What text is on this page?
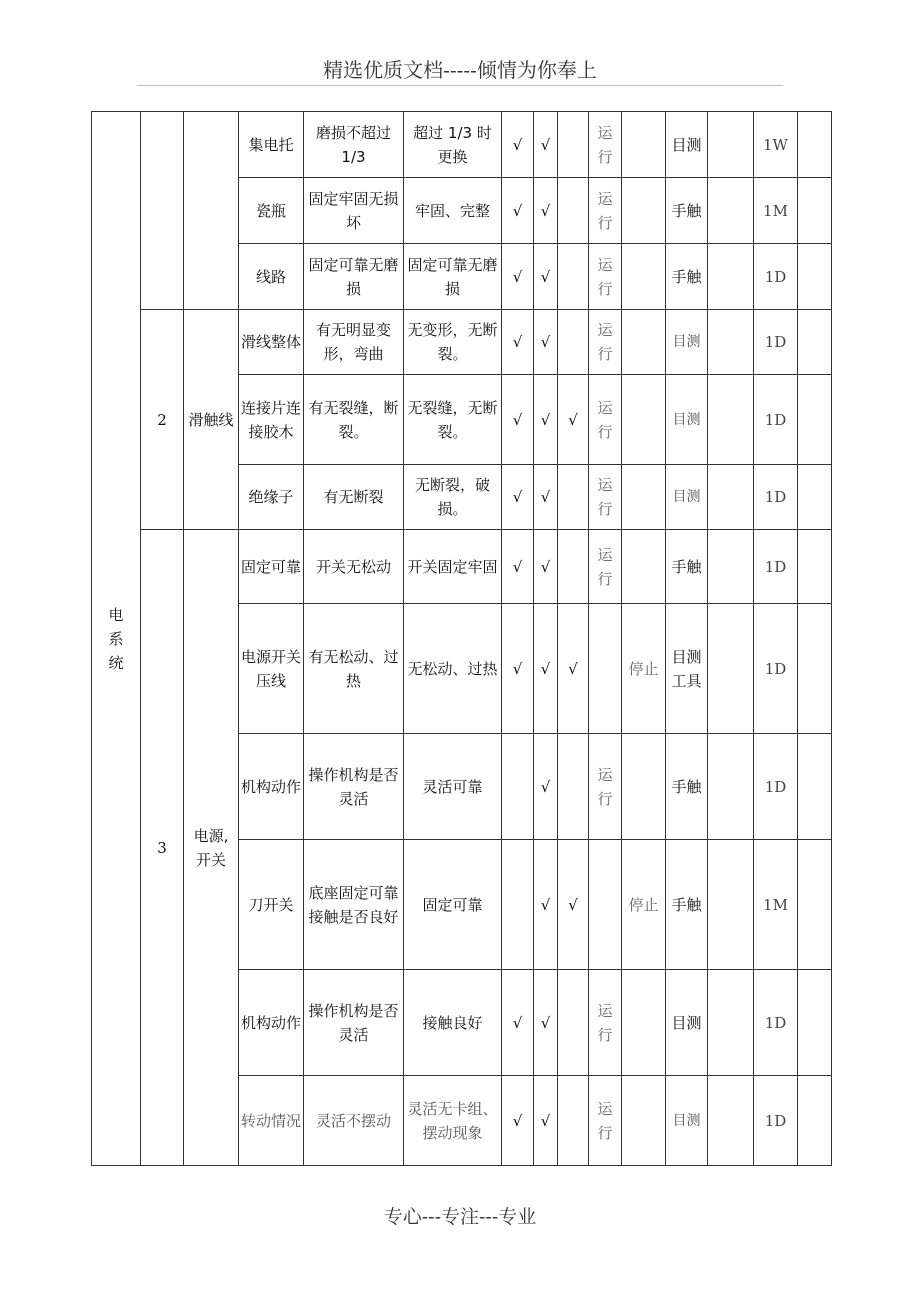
精选优质文档-----倾情为你奉上
电
系
统			集电托	磨损不超过 1/3	超过 1/3 时更换	√	√		运行		目测		1W	
			瓷瓶	固定牢固无损坏	牢固、完整	√	√		运行		手触		1M	
			线路	固定可靠无磨损	固定可靠无磨损	√	√		运行		手触		1D	
	2	滑触线	滑线整体	有无明显变形，弯曲	无变形，无断裂。	√	√		运行		目测		1D	
			连接片连接胶木	有无裂缝，断裂。	无裂缝，无断裂。	√	√	√	运行		目测		1D	
			绝缘子	有无断裂	无断裂，破损。	√	√		运行		目测		1D	
	3	电源, 开关	固定可靠	开关无松动	开关固定牢固	√	√		运行		手触		1D	
			电源开关压线	有无松动、过热	无松动、过热	√	√	√		停止	目测 工具		1D	
			机构动作	操作机构是否 灵活	灵活可靠		√		运行		手触		1D	
			刀开关	底座固定可靠 接触是否良好	固定可靠		√	√		停止	手触		1M	
			机构动作	操作机构是否 灵活	接触良好	√	√		运行		目测		1D	
			转动情况	灵活不摆动	灵活无卡组、摆动现象	√	√		运行		目测		1D	
专心---专注---专业
